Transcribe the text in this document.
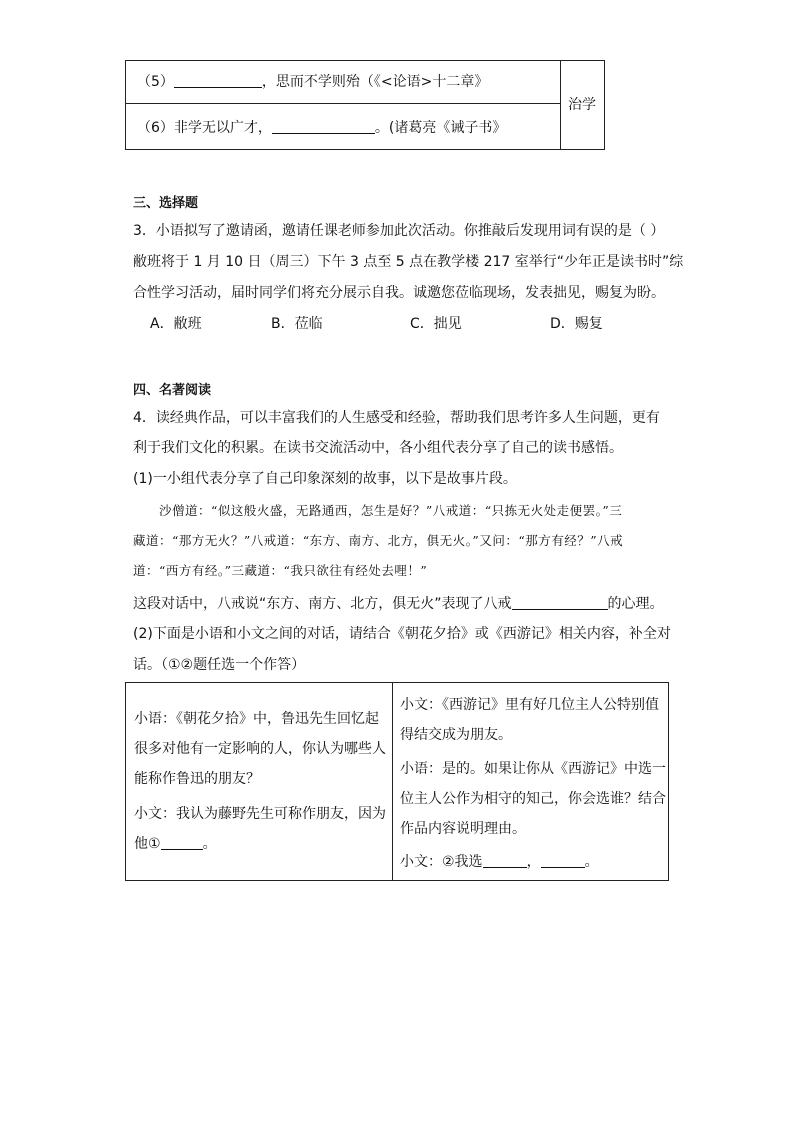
（5）	，思而不学则殆（《<论语>十二章》
（6）非学无以广才，	。(诸葛亮《诫子书》
治学
三、选择题
3．小语拟写了邀请函，邀请任课老师参加此次活动。你推敲后发现用词有误的是（ ）
敝班将于 1 月 10 日（周三）下午 3 点至 5 点在教学楼 217 室举行“少年正是读书时”综
合性学习活动，届时同学们将充分展示自我。诚邀您莅临现场，发表拙见，赐复为盼。
A．敝班	B．莅临	C．拙见	D．赐复
四、名著阅读
4．读经典作品，可以丰富我们的人生感受和经验，帮助我们思考许多人生问题，更有
利于我们文化的积累。在读书交流活动中，各小组代表分享了自己的读书感悟。
(1)一小组代表分享了自己印象深刻的故事，以下是故事片段。
沙僧道：“似这般火盛，无路通西，怎生是好？”八戒道：“只拣无火处走便罢。”三
藏道：“那方无火？”八戒道：“东方、南方、北方，俱无火。”又问：“那方有经？”八戒
道：“西方有经。”三藏道：“我只欲往有经处去哩！”
这段对话中，八戒说“东方、南方、北方，俱无火”表现了八戒	的心理。
(2)下面是小语和小文之间的对话，请结合《朝花夕拾》或《西游记》相关内容，补全对
话。（①②题任选一个作答）
小语：《朝花夕拾》中，鲁迅先生回忆起
很多对他有一定影响的人，你认为哪些人
能称作鲁迅的朋友？
小文：我认为藤野先生可称作朋友，因为
他①	。
小文：《西游记》里有好几位主人公特别值
得结交成为朋友。
小语：是的。如果让你从《西游记》中选一
位主人公作为相守的知己，你会选谁？结合
作品内容说明理由。
小文：②我选	，	。
